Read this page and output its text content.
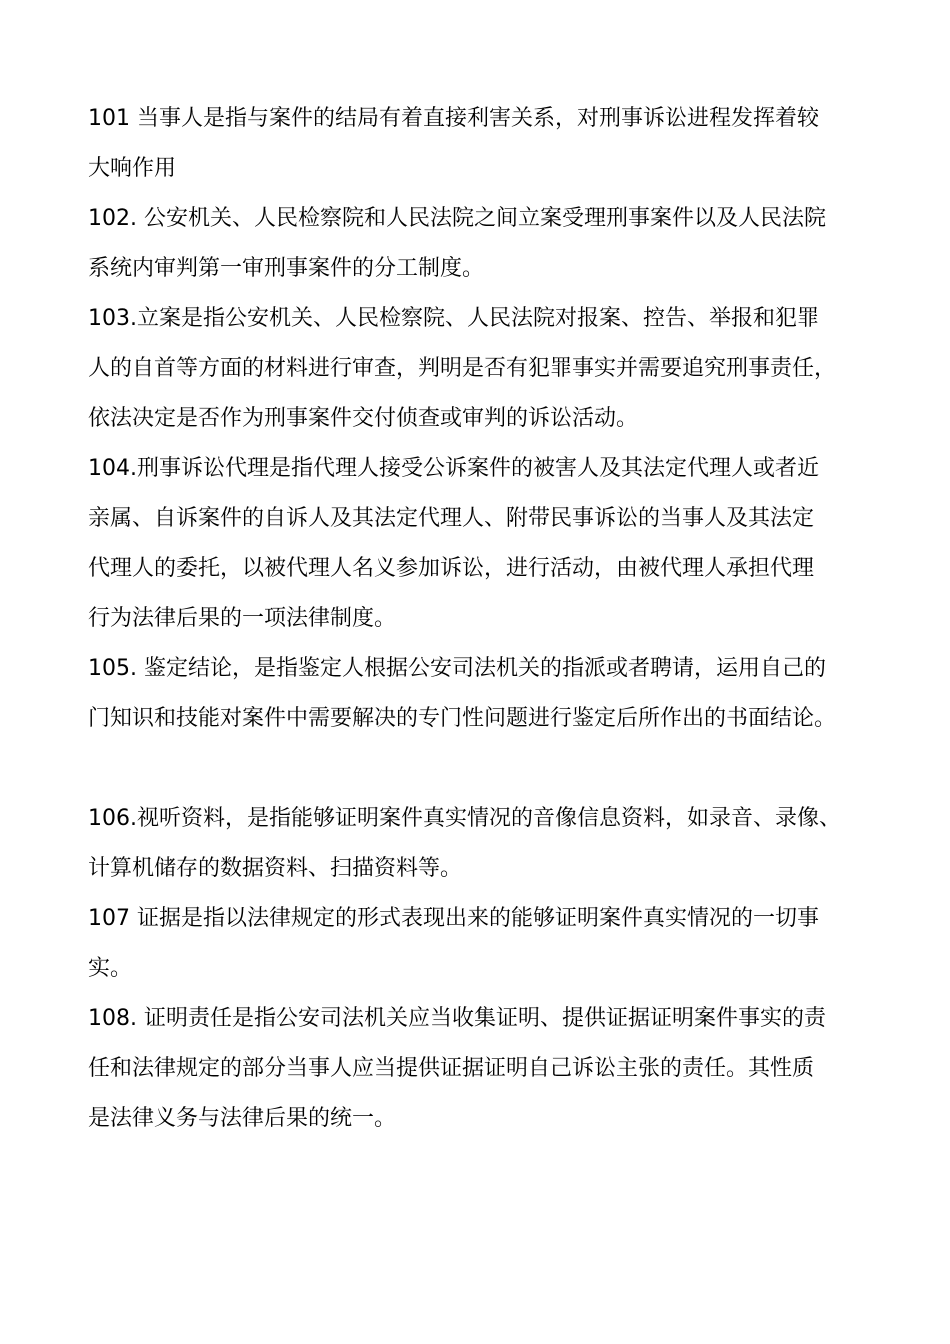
101 当事人是指与案件的结局有着直接利害关系，对刑事诉讼进程发挥着较
大响作用

102. 公安机关、人民检察院和人民法院之间立案受理刑事案件以及人民法院
系统内审判第一审刑事案件的分工制度。

103.立案是指公安机关、人民检察院、人民法院对报案、控告、举报和犯罪
人的自首等方面的材料进行审查，判明是否有犯罪事实并需要追究刑事责任，
依法决定是否作为刑事案件交付侦查或审判的诉讼活动。

104.刑事诉讼代理是指代理人接受公诉案件的被害人及其法定代理人或者近
亲属、自诉案件的自诉人及其法定代理人、附带民事诉讼的当事人及其法定
代理人的委托，以被代理人名义参加诉讼，进行活动，由被代理人承担代理
行为法律后果的一项法律制度。

105. 鉴定结论，是指鉴定人根据公安司法机关的指派或者聘请，运用自己的
门知识和技能对案件中需要解决的专门性问题进行鉴定后所作出的书面结论。

106.视听资料，是指能够证明案件真实情况的音像信息资料，如录音、录像、
计算机储存的数据资料、扫描资料等。

107 证据是指以法律规定的形式表现出来的能够证明案件真实情况的一切事
实。

108. 证明责任是指公安司法机关应当收集证明、提供证据证明案件事实的责
任和法律规定的部分当事人应当提供证据证明自己诉讼主张的责任。其性质
是法律义务与法律后果的统一。
